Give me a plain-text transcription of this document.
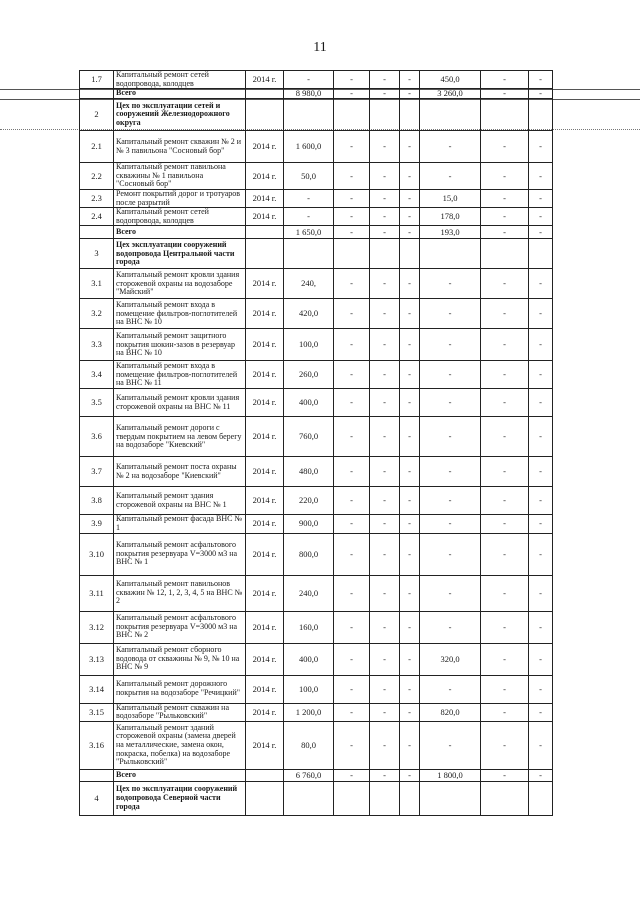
11
1.7	Капитальный ремонт сетей водопровода, колодцев	2014 г.	-	-	-	-	450,0	-	-
	Всего		8 980,0	-	-	-	3 260,0	-	-
2	Цех по эксплуатации сетей и сооружений Железнодорожного округа								
2.1	Капитальный ремонт скважин № 2 и № 3 павильона "Сосновый бор"	2014 г.	1 600,0	-	-	-	-	-	-
2.2	Капитальный ремонт павильона скважины № 1 павильона "Сосновый бор"	2014 г.	50,0	-	-	-	-	-	-
2.3	Ремонт покрытий дорог и тротуаров после разрытий	2014 г.	-	-	-	-	15,0	-	-
2.4	Капитальный ремонт сетей водопровода, колодцев	2014 г.	-	-	-	-	178,0	-	-
	Всего		1 650,0	-	-	-	193,0	-	-
3	Цех эксплуатации сооружений водопровода Центральной части города								
3.1	Капитальный ремонт кровли здания сторожевой охраны на водозаборе "Майский"	2014 г.	240,	-	-	-	-	-	-
3.2	Капитальный ремонт входа в помещение фильтров-поглотителей на ВНС № 10	2014 г.	420,0	-	-	-	-	-	-
3.3	Капитальный ремонт защитного покрытия шокин-зазов в резервуар на ВНС № 10	2014 г.	100,0	-	-	-	-	-	-
3.4	Капитальный ремонт входа в помещение фильтров-поглотителей на ВНС № 11	2014 г.	260,0	-	-	-	-	-	-
3.5	Капитальный ремонт кровли здания сторожевой охраны на ВНС № 11	2014 г.	400,0	-	-	-	-	-	-
3.6	Капитальный ремонт дороги с твердым покрытием на левом берегу на водозаборе "Киевский"	2014 г.	760,0	-	-	-	-	-	-
3.7	Капитальный ремонт поста охраны № 2 на водозаборе "Киевский"	2014 г.	480,0	-	-	-	-	-	-
3.8	Капитальный ремонт здания сторожевой охраны на ВНС № 1	2014 г.	220,0	-	-	-	-	-	-
3.9	Капитальный ремонт фасада ВНС № 1	2014 г.	900,0	-	-	-	-	-	-
3.10	Капитальный ремонт асфальтового покрытия резервуара V=3000 м3 на ВНС № 1	2014 г.	800,0	-	-	-	-	-	-
3.11	Капитальный ремонт павильонов скважин № 12, 1, 2, 3, 4, 5 на ВНС № 2	2014 г.	240,0	-	-	-	-	-	-
3.12	Капитальный ремонт асфальтового покрытия резервуара V=3000 м3 на ВНС № 2	2014 г.	160,0	-	-	-	-	-	-
3.13	Капитальный ремонт сборного водовода от скважины № 9, № 10 на ВНС № 9	2014 г.	400,0	-	-	-	320,0	-	-
3.14	Капитальный ремонт дорожного покрытия на водозаборе "Речицкий"	2014 г.	100,0	-	-	-	-	-	-
3.15	Капитальный ремонт скважин на водозаборе "Рыльковский"	2014 г.	1 200,0	-	-	-	820,0	-	-
3.16	Капитальный ремонт зданий сторожевой охраны (замена дверей на металлические, замена окон, покраска, побелка) на водозаборе "Рыльковский"	2014 г.	80,0	-	-	-	-	-	-
	Всего		6 760,0	-	-	-	1 800,0	-	-
4	Цех по эксплуатации сооружений водопровода Северной части города								
